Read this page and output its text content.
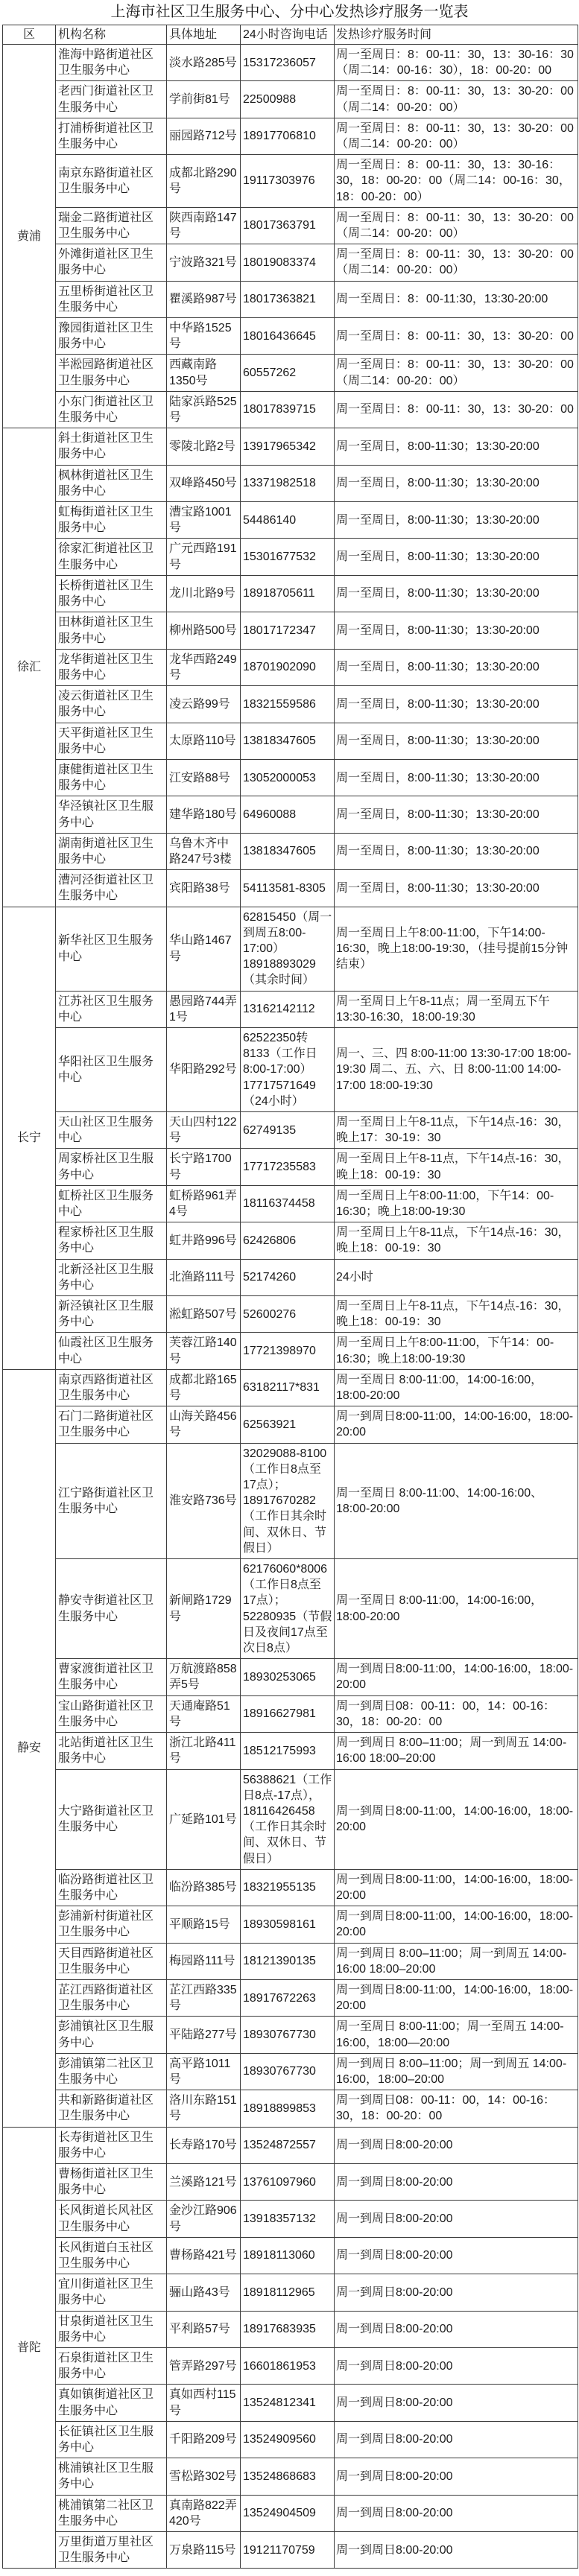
上海市社区卫生服务中心、分中心发热诊疗服务一览表
区	机构名称	具体地址	24小时咨询电话	发热诊疗服务时间
黄浦	淮海中路街道社区卫生服务中心	淡水路285号	15317236057	周一至周日：8：00-11：30，13：30-16：30（周二14：00-16：30），18：00-20：00
	老西门街道社区卫生服务中心	学前街81号	22500988	周一至周日：8：00-11：30，13：30-20：00（周二14：00-20：00）
	打浦桥街道社区卫生服务中心	丽园路712号	18917706810	周一至周日：8：00-11：30，13：30-20：00（周二14：00-20：00）
	南京东路街道社区卫生服务中心	成都北路290号	19117303976	周一至周日：8：00-11：30，13：30-16：30，18：00-20：00（周二14：00-16：30，18：00-20：00）
	瑞金二路街道社区卫生服务中心	陕西南路147号	18017363791	周一至周日：8：00-11：30，13：30-20：00（周二14：00-20：00）
	外滩街道社区卫生服务中心	宁波路321号	18019083374	周一至周日：8：00-11：30，13：30-20：00（周二14：00-20：00）
	五里桥街道社区卫生服务中心	瞿溪路987号	18017363821	周一至周日：8：00-11:30，13:30-20:00
	豫园街道社区卫生服务中心	中华路1525号	18016436645	周一至周日：8：00-11：30，13：30-20：00
	半淞园路街道社区卫生服务中心	西藏南路1350号	60557262	周一至周日：8：00-11：30，13：30-20：00（周二14：00-20：00）
	小东门街道社区卫生服务中心	陆家浜路525号	18017839715	周一至周日：8：00-11：30，13：30-20：00
徐汇	斜土街道社区卫生服务中心	零陵北路2号	13917965342	周一至周日，8:00-11:30；13:30-20:00
	枫林街道社区卫生服务中心	双峰路450号	13371982518	周一至周日，8:00-11:30；13:30-20:00
	虹梅街道社区卫生服务中心	漕宝路1001号	54486140	周一至周日，8:00-11:30；13:30-20:00
	徐家汇街道社区卫生服务中心	广元西路191号	15301677532	周一至周日，8:00-11:30；13:30-20:00
	长桥街道社区卫生服务中心	龙川北路9号	18918705611	周一至周日，8:00-11:30；13:30-20:00
	田林街道社区卫生服务中心	柳州路500号	18017172347	周一至周日，8:00-11:30；13:30-20:00
	龙华街道社区卫生服务中心	龙华西路249号	18701902090	周一至周日，8:00-11:30；13:30-20:00
	凌云街道社区卫生服务中心	凌云路99号	18321559586	周一至周日，8:00-11:30；13:30-20:00
	天平街道社区卫生服务中心	太原路110号	13818347605	周一至周日，8:00-11:30；13:30-20:00
	康健街道社区卫生服务中心	江安路88号	13052000053	周一至周日，8:00-11:30；13:30-20:00
	华泾镇社区卫生服务中心	建华路180号	64960088	周一至周日，8:00-11:30；13:30-20:00
	湖南街道社区卫生服务中心	乌鲁木齐中路247号3楼	13818347605	周一至周日，8:00-11:30；13:30-20:00
	漕河泾街道社区卫生服务中心	宾阳路38号	54113581-8305	周一至周日，8:00-11:30；13:30-20:00
长宁	新华社区卫生服务中心	华山路1467号	62815450（周一到周五8:00-17:00）18918893029（其余时间）	周一至周日上午8:00-11:00，下午14:00-16:30，晚上18:00-19:30，（挂号提前15分钟结束）
	江苏社区卫生服务中心	愚园路744弄1号	13162142112	周一至周日上午8-11点；周一至周五下午13:30-16:30，18:00-19:30
	华阳社区卫生服务中心	华阳路292号	62522350转8133（工作日8:00-17:00）17717571649（24小时）	周一、三、四 8:00-11:00 13:30-17:00 18:00-19:30 周二、五、六、日 8:00-11:00 14:00-17:00 18:00-19:30
	天山社区卫生服务中心	天山四村122号	62749135	周一至周日上午8-11点，下午14点-16：30，晚上17：30-19：30
	周家桥社区卫生服务中心	长宁路1700号	17717235583	周一至周日上午8-11点，下午14点-16：30，晚上18：00-19：30
	虹桥社区卫生服务中心	虹桥路961弄4号	18116374458	周一至周日上午8:00-11:00，下午14：00-16:30；晚上18:00-19:30
	程家桥社区卫生服务中心	虹井路996号	62426806	周一至周日上午8-11点，下午14点-16：30，晚上18：00-19：30
	北新泾社区卫生服务中心	北渔路111号	52174260	24小时
	新泾镇社区卫生服务中心	淞虹路507号	52600276	周一至周日上午8-11点，下午14点-16：30，晚上18：00-19：30
	仙霞社区卫生服务中心	芙蓉江路140号	17721398970	周一至周日上午8:00-11:00，下午14：00-16:30；晚上18:00-19:30
静安	南京西路街道社区卫生服务中心	成都北路165号	63182117*831	周一至周日 8:00-11:00，14:00-16:00，18:00-20:00
	石门二路街道社区卫生服务中心	山海关路456号	62563921	周一到周日8:00-11:00，14:00-16:00，18:00-20:00
	江宁路街道社区卫生服务中心	淮安路736号	32029088-8100（工作日8点至17点）；18917670282（工作日其余时间、双休日、节假日）	周一至周日 8:00-11:00、14:00-16:00、18:00-20:00
	静安寺街道社区卫生服务中心	新闸路1729号	62176060*8006（工作日8点至17点）；52280935（节假日及夜间17点至次日8点）	周一至周日 8:00-11:00，14:00-16:00，18:00-20:00
	曹家渡街道社区卫生服务中心	万航渡路858弄5号	18930253065	周一到周日8:00-11:00，14:00-16:00，18:00-20:00
	宝山路街道社区卫生服务中心	天通庵路51号	18916627981	周一到周日08：00-11：00，14：00-16：30，18：00-20：00
	北站街道社区卫生服务中心	浙江北路411号	18512175993	周一到周日 8:00–11:00；周一到周五 14:00-16:00 18:00–20:00
	大宁路街道社区卫生服务中心	广延路101号	56388621（工作日8点-17点），18116426458（工作日其余时间、双休日、节假日）	周一到周日8:00-11:00，14:00-16:00，18:00-20:00
	临汾路街道社区卫生服务中心	临汾路385号	18321955135	周一到周日8:00-11:00，14:00-16:00，18:00-20:00
	彭浦新村街道社区卫生服务中心	平顺路15号	18930598161	周一到周日8:00-11:00，14:00-16:00，18:00-20:00
	天目西路街道社区卫生服务中心	梅园路111号	18121390135	周一到周日 8:00–11:00；周一到周五 14:00-16:00 18:00–20:00
	芷江西路街道社区卫生服务中心	芷江西路335号	18917672263	周一到周日8:00-11:00，14:00-16:00，18:00-20:00
	彭浦镇社区卫生服务中心	平陆路277号	18930767730	周一至周日 8:00-11:00；周一至周五 14:00-16:00，18:00—20:00
	彭浦镇第二社区卫生服务中心	高平路1011号	18930767730	周一到周日 8:00–11:00；周一到周五 14:00-16:00，18:00–20:00
	共和新路街道社区卫生服务中心	洛川东路151号	18918899853	周一到周日08：00-11：00，14：00-16：30，18：00-20：00
普陀	长寿街道社区卫生服务中心	长寿路170号	13524872557	周一到周日8:00-20:00
	曹杨街道社区卫生服务中心	兰溪路121号	13761097960	周一到周日8:00-20:00
	长风街道长风社区卫生服务中心	金沙江路906号	13918357132	周一到周日8:00-20:00
	长风街道白玉社区卫生服务中心	曹杨路421号	18918113060	周一到周日8:00-20:00
	宜川街道社区卫生服务中心	骊山路43号	18918112965	周一到周日8:00-20:00
	甘泉街道社区卫生服务中心	平利路57号	18917683935	周一到周日8:00-20:00
	石泉街道社区卫生服务中心	管弄路297号	16601861953	周一到周日8:00-20:00
	真如镇街道社区卫生服务中心	真如西村115号	13524812341	周一到周日8:00-20:00
	长征镇社区卫生服务中心	千阳路209号	13524909560	周一到周日8:00-20:00
	桃浦镇社区卫生服务中心	雪松路302号	13524868683	周一到周日8:00-20:00
	桃浦镇第二社区卫生服务中心	真南路822弄420号	13524904509	周一到周日8:00-20:00
	万里街道万里社区卫生服务中心	万泉路115号	19121170759	周一到周日8:00-20:00
